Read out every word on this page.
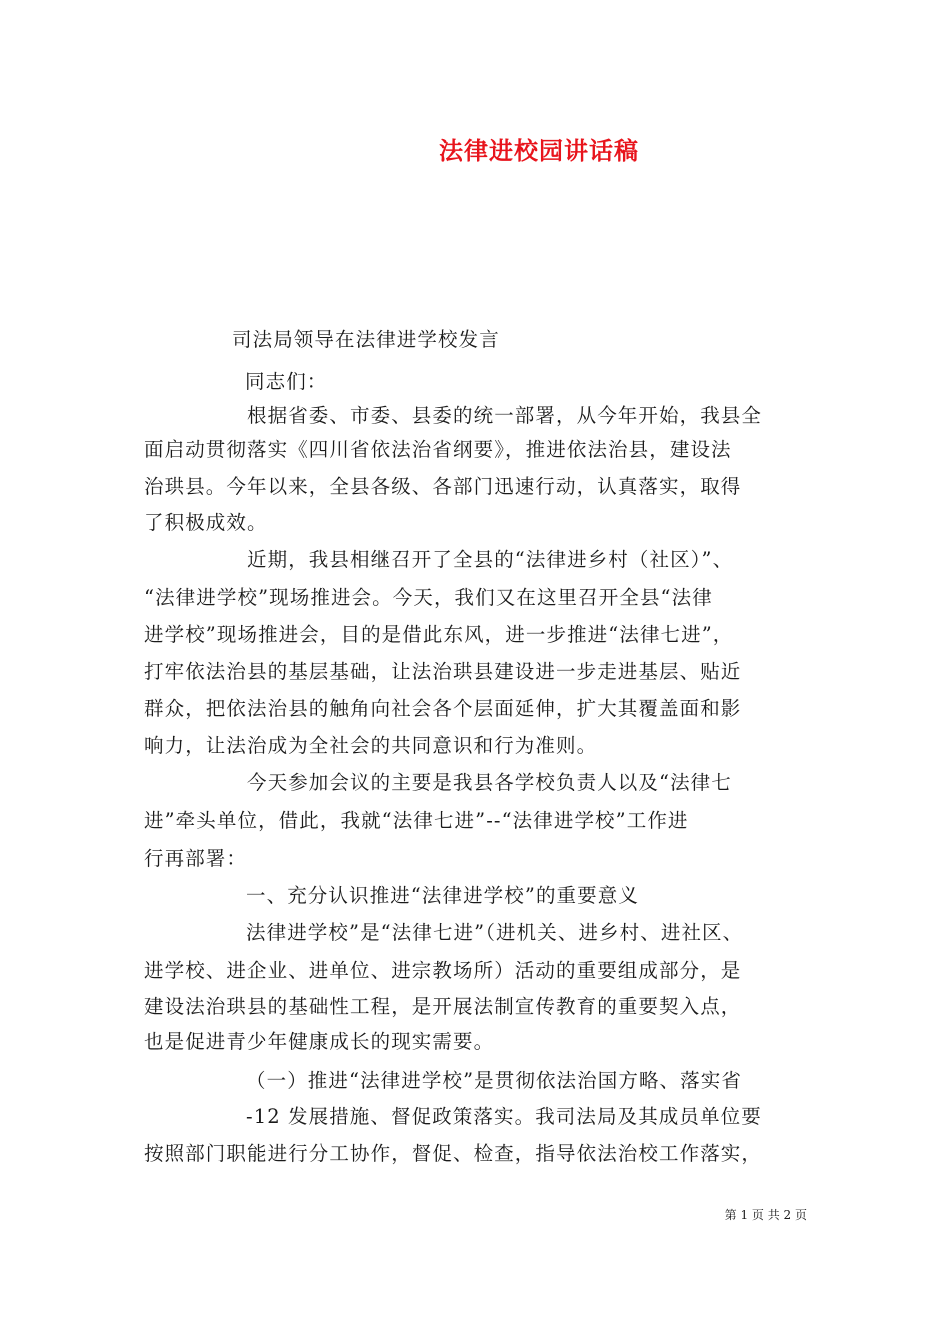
法律进校园讲话稿
司法局领导在法律进学校发言
同志们：
根据省委、市委、县委的统一部署，从今年开始，我县全
面启动贯彻落实《四川省依法治省纲要》，推进依法治县，建设法
治珙县。今年以来，全县各级、各部门迅速行动，认真落实，取得
了积极成效。
近期，我县相继召开了全县的“法律进乡村（社区）”、
“法律进学校”现场推进会。今天，我们又在这里召开全县“法律
进学校”现场推进会，目的是借此东风，进一步推进“法律七进”，
打牢依法治县的基层基础，让法治珙县建设进一步走进基层、贴近
群众，把依法治县的触角向社会各个层面延伸，扩大其覆盖面和影
响力，让法治成为全社会的共同意识和行为准则。
今天参加会议的主要是我县各学校负责人以及“法律七
进”牵头单位，借此，我就“法律七进”--“法律进学校”工作进
行再部署：
一、充分认识推进“法律进学校”的重要意义
法律进学校”是“法律七进”（进机关、进乡村、进社区、
进学校、进企业、进单位、进宗教场所）活动的重要组成部分，是
建设法治珙县的基础性工程，是开展法制宣传教育的重要契入点，
也是促进青少年健康成长的现实需要。
（一）推进“法律进学校”是贯彻依法治国方略、落实省
-12 发展措施、督促政策落实。我司法局及其成员单位要
按照部门职能进行分工协作，督促、检查，指导依法治校工作落实，
第 1 页 共 2 页
